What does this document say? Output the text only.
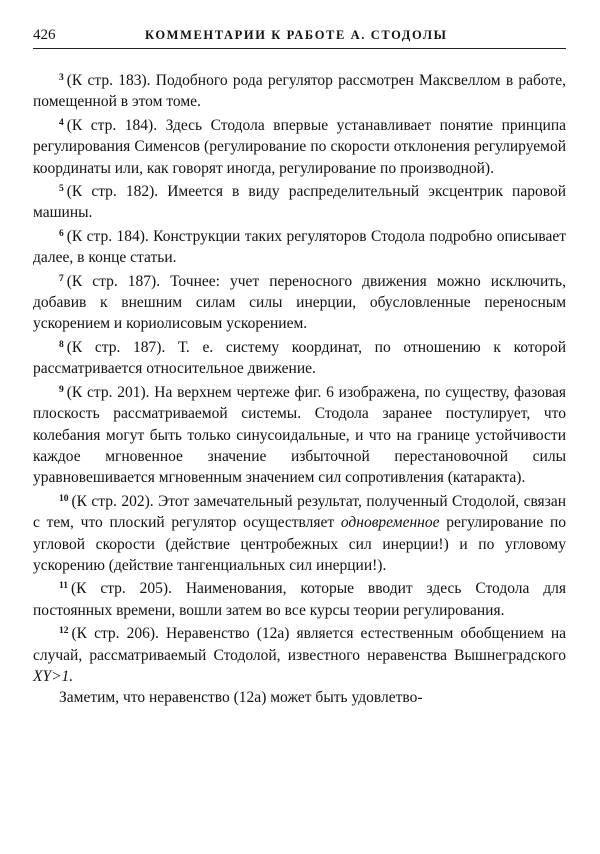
426	КОММЕНТАРИИ К РАБОТЕ А. СТОДОЛЫ

$^3$ (К стр. 183). Подобного рода регулятор рассмотрен Максвеллом в работе, помещенной в этом томе.

$^4$ (К стр. 184). Здесь Стодола впервые устанавливает понятие принципа регулирования Сименсов (регулирование по скорости отклонения регулируемой координаты или, как говорят иногда, регулирование по производной).

$^5$ (К стр. 182). Имеется в виду распределительный эксцентрик паровой машины.

$^6$ (К стр. 184). Конструкции таких регуляторов Стодола подробно описывает далее, в конце статьи.

$^7$ (К стр. 187). Точнее: учет переносного движения можно исключить, добавив к внешним силам силы инерции, обусловленные переносным ускорением и кориолисовым ускорением.

$^8$ (К стр. 187). Т. е. систему координат, по отношению к которой рассматривается относительное движение.

$^9$ (К стр. 201). На верхнем чертеже фиг. 6 изображена, по существу, фазовая плоскость рассматриваемой системы. Стодола заранее постулирует, что колебания могут быть только синусоидальные, и что на границе устойчивости каждое мгновенное значение избыточной перестановочной силы уравновешивается мгновенным значением сил сопротивления (катаракта).

$^{10}$ (К стр. 202). Этот замечательный результат, полученный Стодолой, связан с тем, что плоский регулятор осуществляет одновременное регулирование по угловой скорости (действие центробежных сил инерции!) и по угловому ускорению (действие тангенциальных сил инерции!).

$^{11}$ (К стр. 205). Наименования, которые вводит здесь Стодола для постоянных времени, вошли затем во все курсы теории регулирования.

$^{12}$ (К стр. 206). Неравенство (12а) является естественным обобщением на случай, рассматриваемый Стодолой, известного неравенства Вышнеградского XY>1.

Заметим, что неравенство (12а) может быть удовлетво-
